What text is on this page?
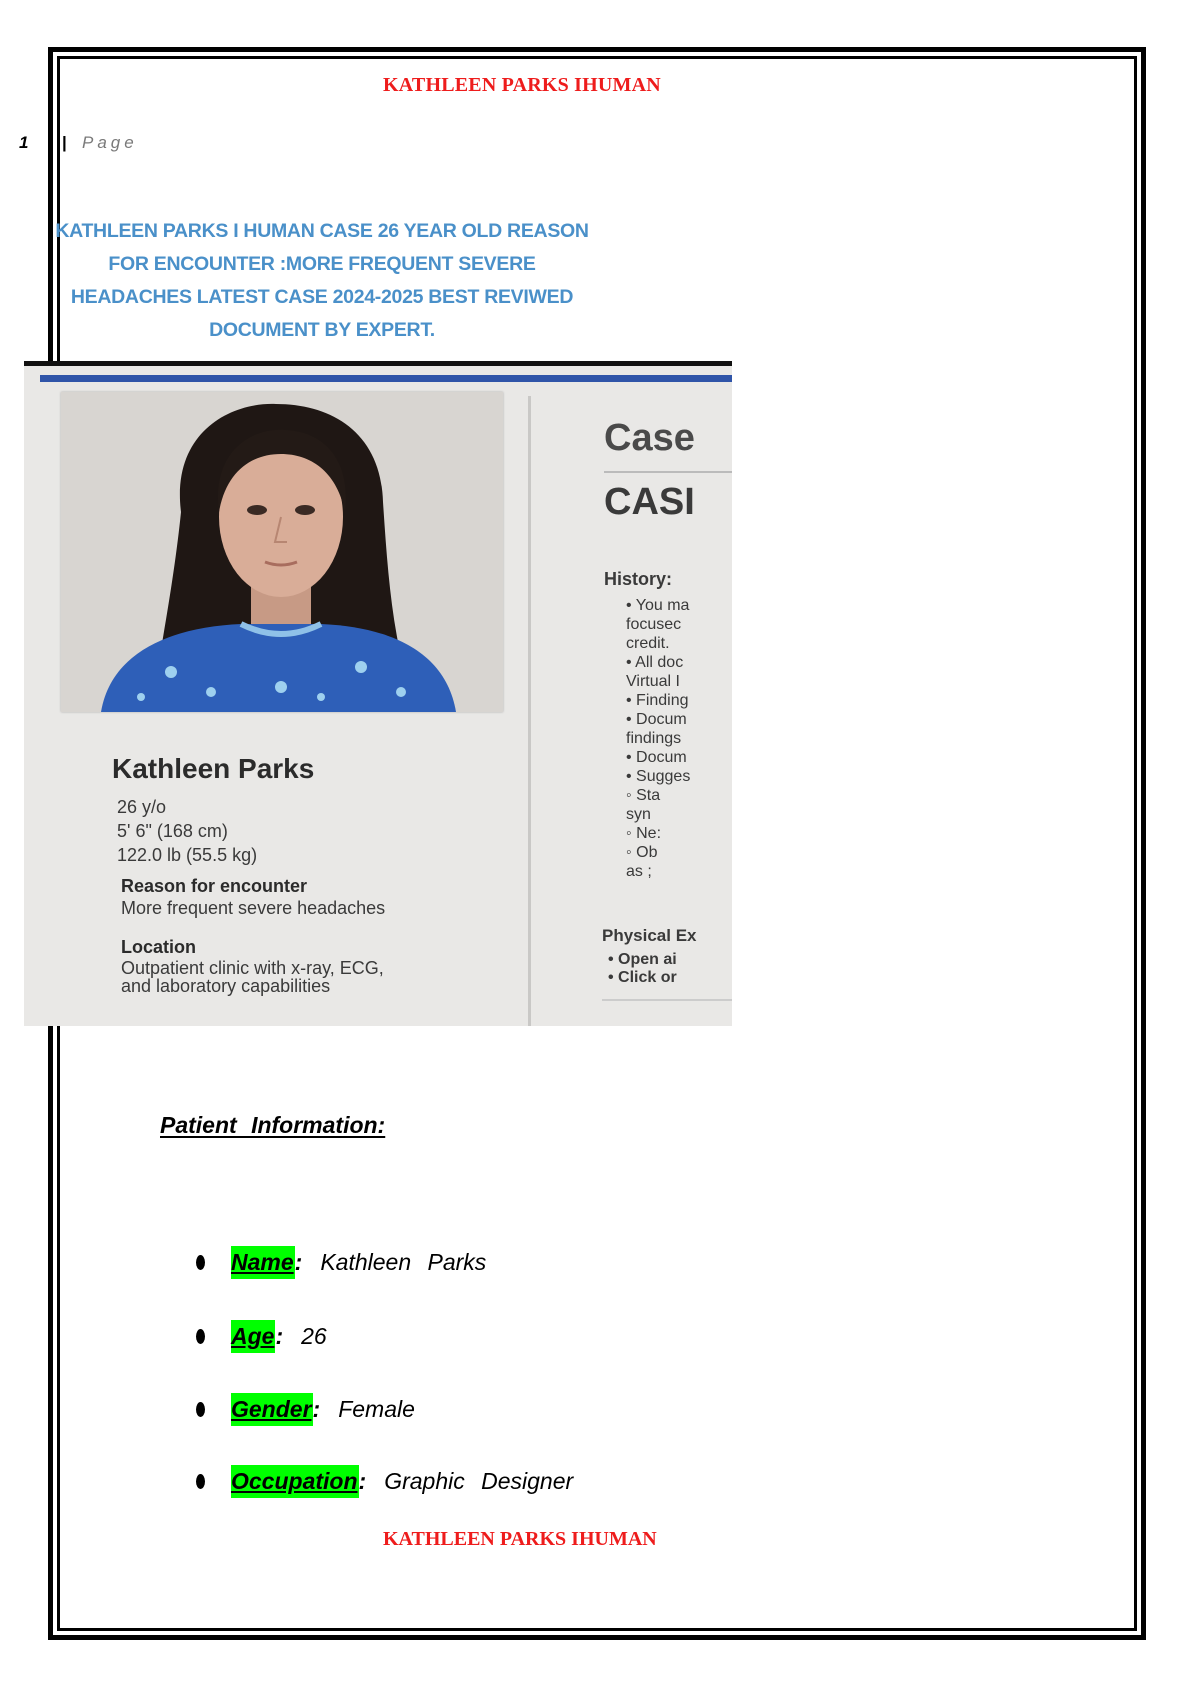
KATHLEEN PARKS IHUMAN
1 | Page
KATHLEEN PARKS I HUMAN CASE 26 YEAR OLD REASON
FOR ENCOUNTER :MORE FREQUENT SEVERE
HEADACHES LATEST CASE 2024-2025 BEST REVIWED
DOCUMENT BY EXPERT.
Kathleen Parks
26 y/o
5' 6" (168 cm)
122.0 lb (55.5 kg)
Reason for encounter
More frequent severe headaches
Location
Outpatient clinic with x-ray, ECG,
and laboratory capabilities
Case
CASI
History:
• You ma
focusec
credit.
• All doc
Virtual I
• Finding
• Docum
findings
• Docum
• Sugges
◦ Sta
syn
◦ Ne:
◦ Ob
as ;
Physical Ex
• Open ai
• Click or
Patient Information:
Name : Kathleen Parks
Age : 26
Gender : Female
Occupation : Graphic Designer
KATHLEEN PARKS IHUMAN
